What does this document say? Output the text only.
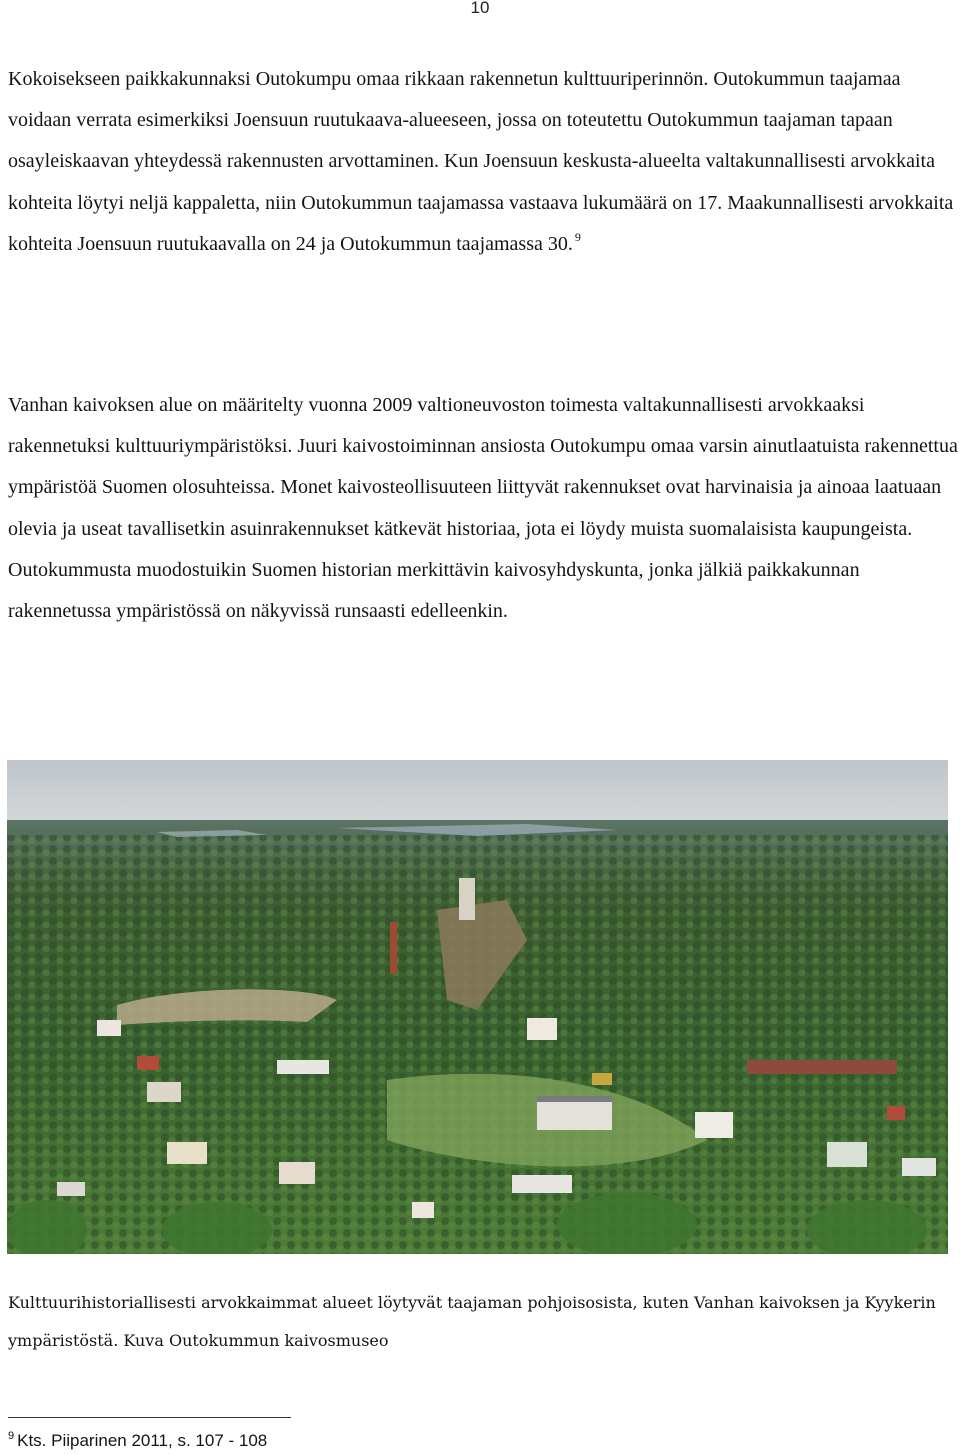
10

Kokoisekseen paikkakunnaksi Outokumpu omaa rikkaan rakennetun kulttuuriperinnön. Outokummun taajamaa voidaan verrata esimerkiksi Joensuun ruutukaava-alueeseen, jossa on toteutettu Outokummun taajaman tapaan osayleiskaavan yhteydessä rakennusten arvottaminen. Kun Joensuun keskusta-alueelta valtakunnallisesti arvokkaita kohteita löytyi neljä kappaletta, niin Outokummun taajamassa vastaava lukumäärä on 17. Maakunnallisesti arvokkaita kohteita Joensuun ruutukaavalla on 24 ja Outokummun taajamassa 30. $^9$

Vanhan kaivoksen alue on määritelty vuonna 2009 valtioneuvoston toimesta valtakunnallisesti arvokkaaksi rakennetuksi kulttuuriympäristöksi. Juuri kaivostoiminnan ansiosta Outokumpu omaa varsin ainutlaatuista rakennettua ympäristöä Suomen olosuhteissa. Monet kaivosteollisuuteen liittyvät rakennukset ovat harvinaisia ja ainoaa laatuaan olevia ja useat tavallisetkin asuinrakennukset kätkevät historiaa, jota ei löydy muista suomalaisista kaupungeista. Outokummusta muodostuikin Suomen historian merkittävin kaivosyhdyskunta, jonka jälkiä paikkakunnan rakennetussa ympäristössä on näkyvissä runsaasti edelleenkin.

Kulttuurihistoriallisesti arvokkaimmat alueet löytyvät taajaman pohjoisosista, kuten Vanhan kaivoksen ja Kyykerin ympäristöstä. Kuva Outokummun kaivosmuseo

$^9$ Kts. Piiparinen 2011, s. 107 - 108
